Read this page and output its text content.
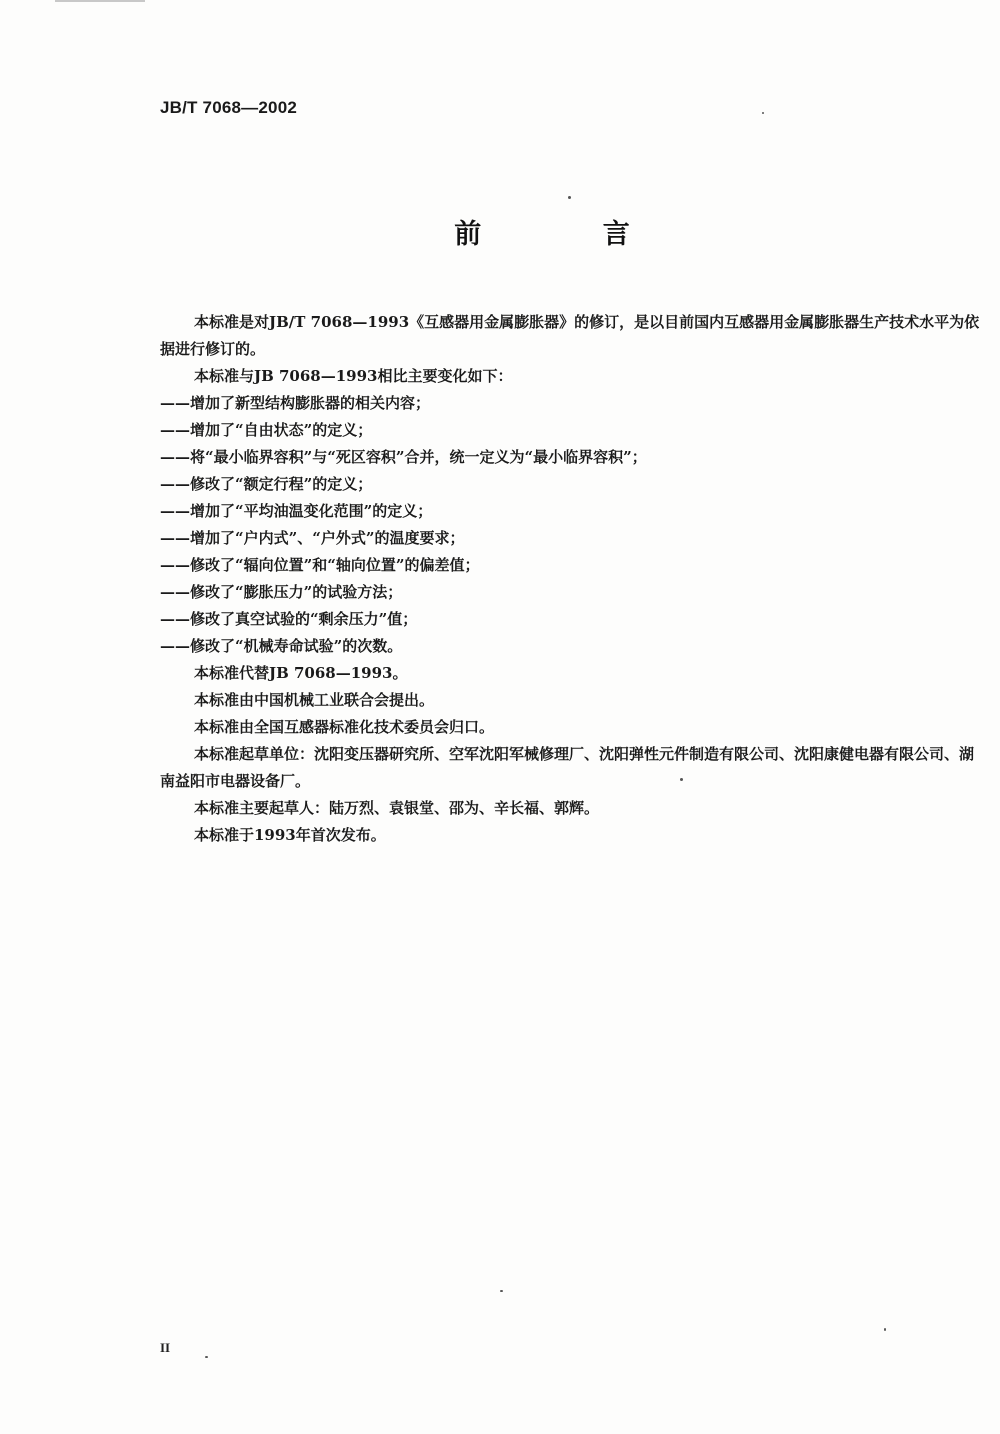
JB/T 7068—2002
前 言

本标准是对JB/T 7068—1993《互感器用金属膨胀器》的修订，是以目前国内互感器用金属膨胀器生产技术水平为依据进行修订的。

本标准与JB 7068—1993相比主要变化如下：

——增加了新型结构膨胀器的相关内容；

——增加了“自由状态”的定义；

——将“最小临界容积”与“死区容积”合并，统一定义为“最小临界容积”；

——修改了“额定行程”的定义；

——增加了“平均油温变化范围”的定义；

——增加了“户内式”、“户外式”的温度要求；

——修改了“辐向位置”和“轴向位置”的偏差值；

——修改了“膨胀压力”的试验方法；

——修改了真空试验的“剩余压力”值；

——修改了“机械寿命试验”的次数。

本标准代替JB 7068—1993。

本标准由中国机械工业联合会提出。

本标准由全国互感器标准化技术委员会归口。

本标准起草单位：沈阳变压器研究所、空军沈阳军械修理厂、沈阳弹性元件制造有限公司、沈阳康健电器有限公司、湖南益阳市电器设备厂。

本标准主要起草人：陆万烈、袁银堂、邵为、辛长福、郭辉。

本标准于1993年首次发布。

II
